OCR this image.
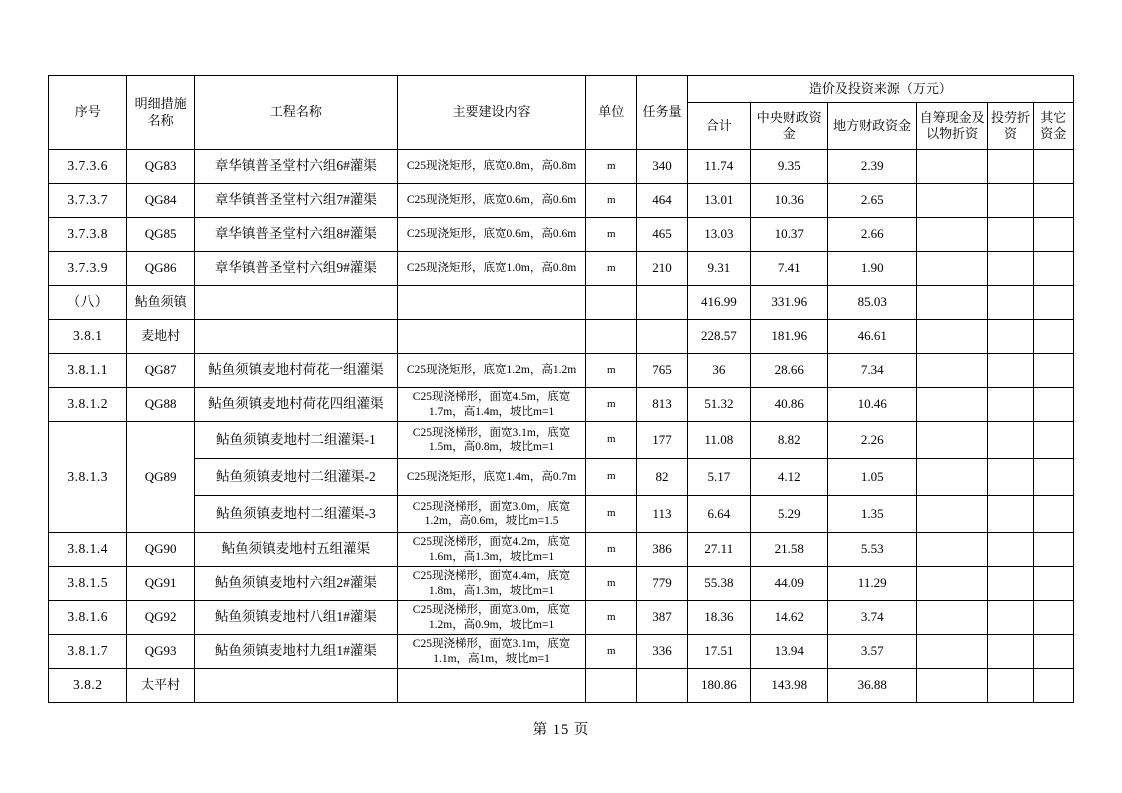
序号	明细措施名称	工程名称	主要建设内容	单位	任务量	造价及投资来源（万元）					
						合计	中央财政资金	地方财政资金	自筹现金及以物折资	投劳折资	其它资金
3.7.3.6	QG83	章华镇普圣堂村六组6#灌渠	C25现浇矩形，底宽0.8m，高0.8m	m	340	11.74	9.35	2.39			
3.7.3.7	QG84	章华镇普圣堂村六组7#灌渠	C25现浇矩形，底宽0.6m，高0.6m	m	464	13.01	10.36	2.65			
3.7.3.8	QG85	章华镇普圣堂村六组8#灌渠	C25现浇矩形，底宽0.6m，高0.6m	m	465	13.03	10.37	2.66			
3.7.3.9	QG86	章华镇普圣堂村六组9#灌渠	C25现浇矩形，底宽1.0m，高0.8m	m	210	9.31	7.41	1.90			
（八）	鲇鱼须镇					416.99	331.96	85.03			
3.8.1	麦地村					228.57	181.96	46.61			
3.8.1.1	QG87	鲇鱼须镇麦地村荷花一组灌渠	C25现浇矩形，底宽1.2m，高1.2m	m	765	36	28.66	7.34			
3.8.1.2	QG88	鲇鱼须镇麦地村荷花四组灌渠	C25现浇梯形，面宽4.5m，底宽1.7m，高1.4m，坡比m=1	m	813	51.32	40.86	10.46			
3.8.1.3	QG89	鲇鱼须镇麦地村二组灌渠-1	C25现浇梯形，面宽3.1m，底宽1.5m，高0.8m，坡比m=1	m	177	11.08	8.82	2.26			
		鲇鱼须镇麦地村二组灌渠-2	C25现浇矩形，底宽1.4m，高0.7m	m	82	5.17	4.12	1.05			
		鲇鱼须镇麦地村二组灌渠-3	C25现浇梯形，面宽3.0m，底宽1.2m，高0.6m，坡比m=1.5	m	113	6.64	5.29	1.35			
3.8.1.4	QG90	鲇鱼须镇麦地村五组灌渠	C25现浇梯形，面宽4.2m，底宽1.6m，高1.3m，坡比m=1	m	386	27.11	21.58	5.53			
3.8.1.5	QG91	鲇鱼须镇麦地村六组2#灌渠	C25现浇梯形，面宽4.4m，底宽1.8m，高1.3m，坡比m=1	m	779	55.38	44.09	11.29			
3.8.1.6	QG92	鲇鱼须镇麦地村八组1#灌渠	C25现浇梯形，面宽3.0m，底宽1.2m，高0.9m，坡比m=1	m	387	18.36	14.62	3.74			
3.8.1.7	QG93	鲇鱼须镇麦地村九组1#灌渠	C25现浇梯形，面宽3.1m，底宽1.1m，高1m，坡比m=1	m	336	17.51	13.94	3.57			
3.8.2	太平村					180.86	143.98	36.88			
第 15 页
